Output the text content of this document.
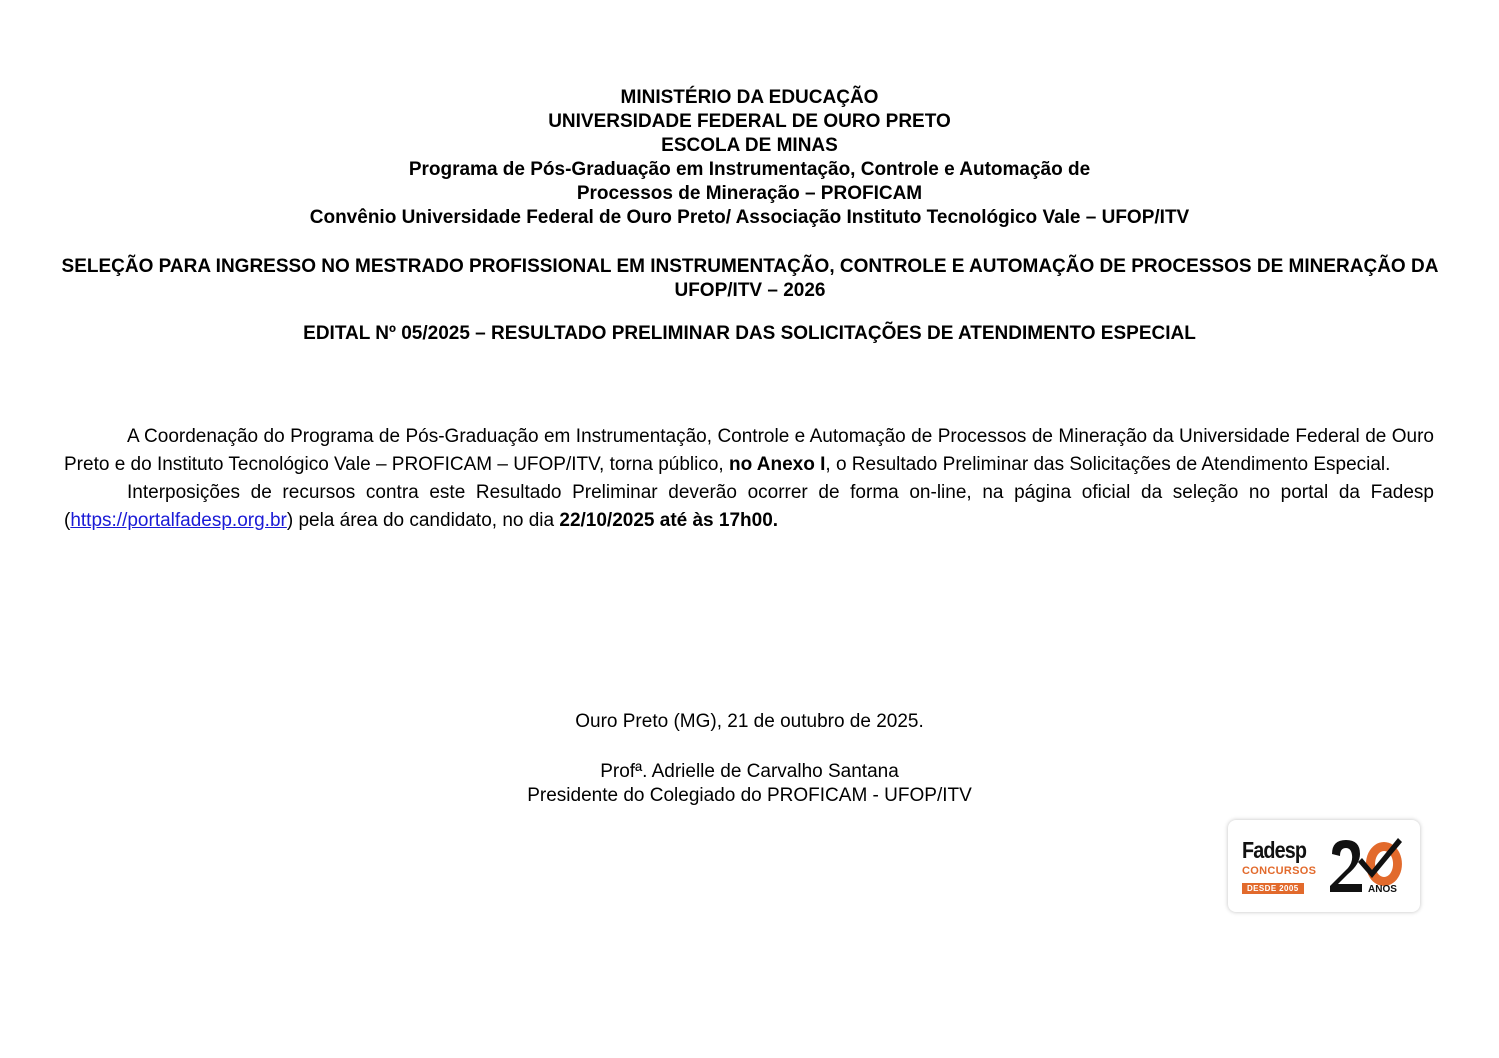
MINISTÉRIO DA EDUCAÇÃO
UNIVERSIDADE FEDERAL DE OURO PRETO
ESCOLA DE MINAS
Programa de Pós-Graduação em Instrumentação, Controle e Automação de
Processos de Mineração – PROFICAM
Convênio Universidade Federal de Ouro Preto/ Associação Instituto Tecnológico Vale – UFOP/ITV
SELEÇÃO PARA INGRESSO NO MESTRADO PROFISSIONAL EM INSTRUMENTAÇÃO, CONTROLE E AUTOMAÇÃO DE PROCESSOS DE MINERAÇÃO DA UFOP/ITV – 2026
EDITAL Nº 05/2025 – RESULTADO PRELIMINAR DAS SOLICITAÇÕES DE ATENDIMENTO ESPECIAL

A Coordenação do Programa de Pós-Graduação em Instrumentação, Controle e Automação de Processos de Mineração da Universidade Federal de Ouro Preto e do Instituto Tecnológico Vale – PROFICAM – UFOP/ITV, torna público, no Anexo I, o Resultado Preliminar das Solicitações de Atendimento Especial.

Interposições de recursos contra este Resultado Preliminar deverão ocorrer de forma on-line, na página oficial da seleção no portal da Fadesp (https://portalfadesp.org.br) pela área do candidato, no dia 22/10/2025 até às 17h00.

Ouro Preto (MG), 21 de outubro de 2025.
Profª. Adrielle de Carvalho Santana
Presidente do Colegiado do PROFICAM - UFOP/ITV
Fadesp
CONCURSOS
DESDE 2005	ANOS
